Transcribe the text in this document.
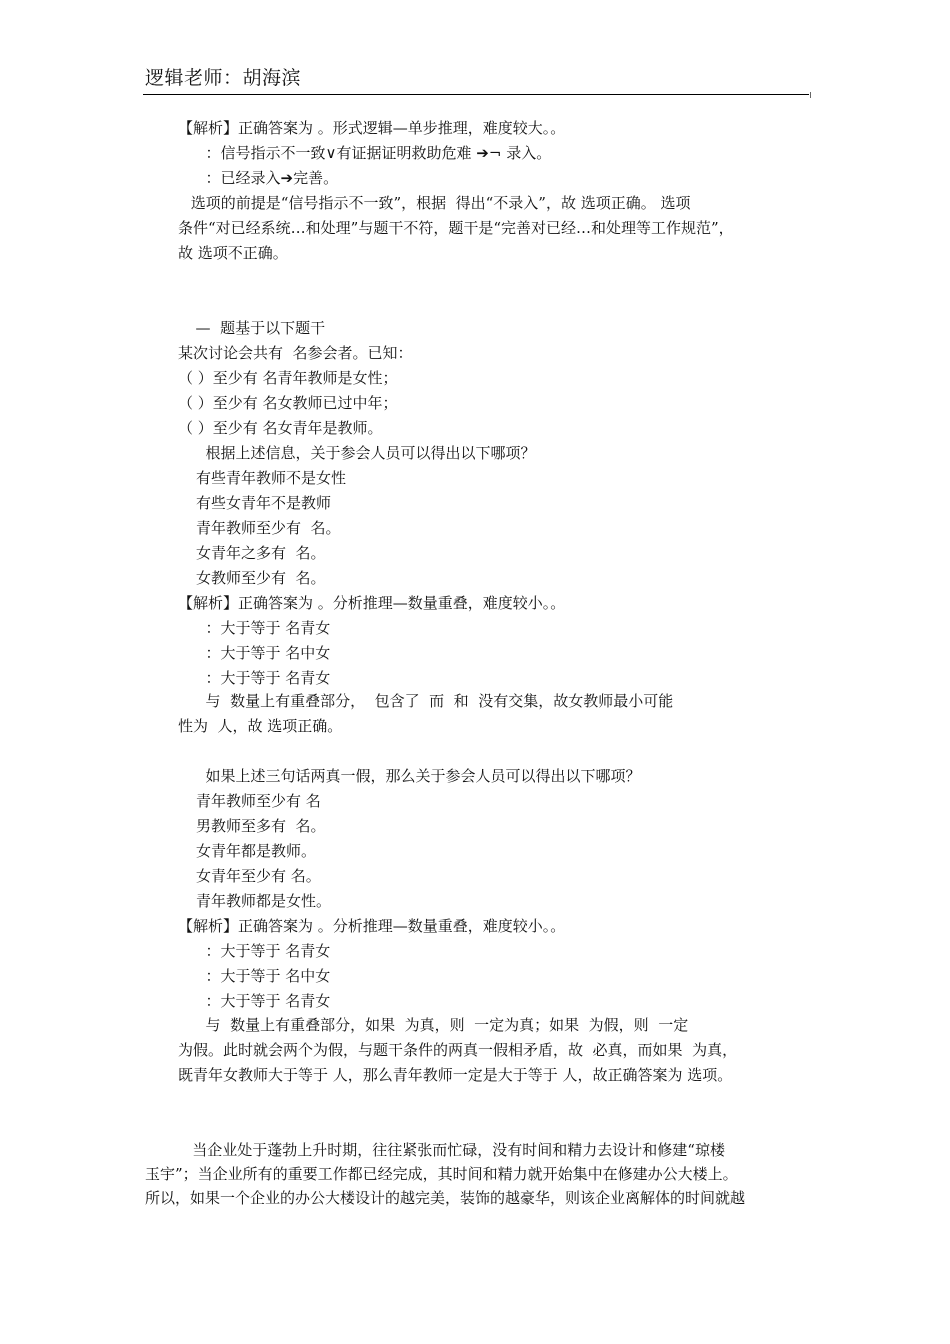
逻辑老师：胡海滨
【解析】正确答案为 。形式逻辑—单步推理，难度较大。。
：信号指示不一致∨有证据证明救助危难 ➔¬ 录入。
：已经录入➔完善。
选项的前提是“信号指示不一致”，根据  得出“不录入”，故 选项正确。 选项
条件“对已经系统…和处理”与题干不符，题干是“完善对已经…和处理等工作规范”，
故 选项不正确。
—  题基于以下题干
某次讨论会共有  名参会者。已知：
（ ）至少有 名青年教师是女性；
（ ）至少有 名女教师已过中年；
（ ）至少有 名女青年是教师。
根据上述信息，关于参会人员可以得出以下哪项？
有些青年教师不是女性
有些女青年不是教师
青年教师至少有  名。
女青年之多有  名。
女教师至少有  名。
【解析】正确答案为 。分析推理—数量重叠，难度较小。。
：大于等于 名青女
：大于等于 名中女
：大于等于 名青女
与  数量上有重叠部分，  包含了  而  和  没有交集，故女教师最小可能
性为  人，故 选项正确。
如果上述三句话两真一假，那么关于参会人员可以得出以下哪项？
青年教师至少有 名
男教师至多有  名。
女青年都是教师。
女青年至少有 名。
青年教师都是女性。
【解析】正确答案为 。分析推理—数量重叠，难度较小。。
：大于等于 名青女
：大于等于 名中女
：大于等于 名青女
与  数量上有重叠部分，如果  为真，则  一定为真；如果  为假，则  一定
为假。此时就会两个为假，与题干条件的两真一假相矛盾，故  必真，而如果  为真，
既青年女教师大于等于 人，那么青年教师一定是大于等于 人，故正确答案为 选项。
当企业处于蓬勃上升时期，往往紧张而忙碌，没有时间和精力去设计和修建“琼楼
玉宇”；当企业所有的重要工作都已经完成，其时间和精力就开始集中在修建办公大楼上。
所以，如果一个企业的办公大楼设计的越完美，装饰的越豪华，则该企业离解体的时间就越
